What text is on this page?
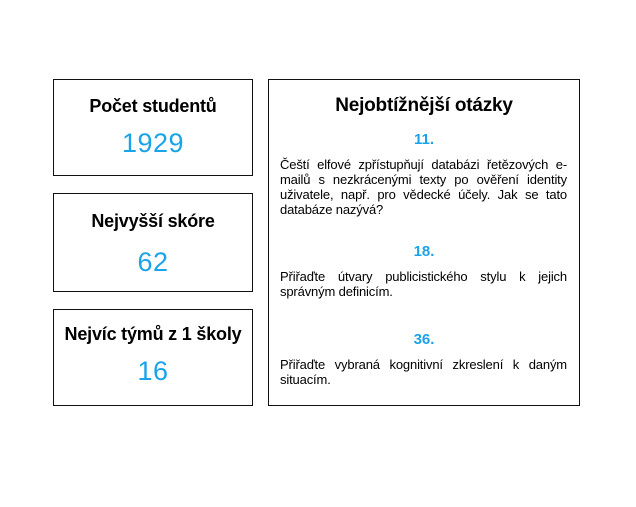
Počet studentů
1929
Nejvyšší skóre
62
Nejvíc týmů z 1 školy
16
Nejobtížnější otázky
11.
Čeští elfové zpřístupňují databázi řetězových e-mailů s nezkrácenými texty po ověření identity uživatele, např. pro vědecké účely. Jak se tato databáze nazývá?
18.
Přiřaďte útvary publicistického stylu k jejich správným definicím.
36.
Přiřaďte vybraná kognitivní zkreslení k daným situacím.
